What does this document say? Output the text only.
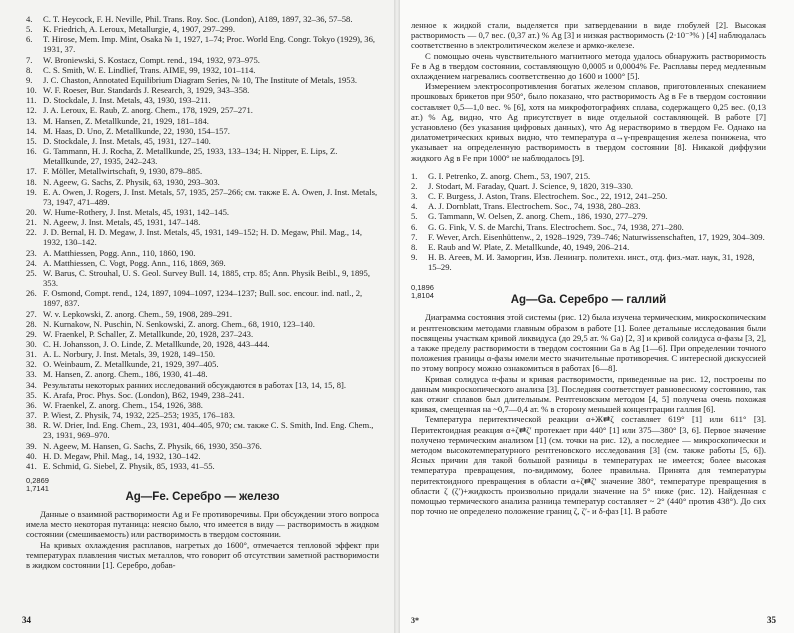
4. C. T. Heycock, F. H. Neville, Phil. Trans. Roy. Soc. (London), A189, 1897, 32–36, 57–58.
5. K. Friedrich, A. Leroux, Metallurgie, 4, 1907, 297–299.
6. T. Hirose, Mem. Imp. Mint, Osaka № 1, 1927, 1–74; Proc. World Eng. Congr. Tokyo (1929), 36, 1931, 37.
7. W. Broniewski, S. Kostacz, Compt. rend., 194, 1932, 973–975.
8. C. S. Smith, W. E. Lindlief, Trans. AIME, 99, 1932, 101–114.
9. J. C. Chaston, Annotated Equilibrium Diagram Series, № 10, The Institute of Metals, 1953.
10. W. F. Roeser, Bur. Standards J. Research, 3, 1929, 343–358.
11. D. Stockdale, J. Inst. Metals, 43, 1930, 193–211.
12. J. A. Leroux, E. Raub, Z. anorg. Chem., 178, 1929, 257–271.
13. M. Hansen, Z. Metallkunde, 21, 1929, 181–184.
14. M. Haas, D. Uno, Z. Metallkunde, 22, 1930, 154–157.
15. D. Stockdale, J. Inst. Metals, 45, 1931, 127–140.
16. G. Tammann, H. J. Rocha, Z. Metallkunde, 25, 1933, 133–134; H. Nipper, E. Lips, Z. Metallkunde, 27, 1935, 242–243.
17. F. Möller, Metallwirtschaft, 9, 1930, 879–885.
18. N. Ageew, G. Sachs, Z. Physik, 63, 1930, 293–303.
19. E. A. Owen, J. Rogers, J. Inst. Metals, 57, 1935, 257–266; см. также E. A. Owen, J. Inst. Metals, 73, 1947, 471–489.
20. W. Hume-Rothery, J. Inst. Metals, 45, 1931, 142–145.
21. N. Ageew, J. Inst. Metals, 45, 1931, 147–148.
22. J. D. Bernal, H. D. Megaw, J. Inst. Metals, 45, 1931, 149–152; H. D. Megaw, Phil. Mag., 14, 1932, 130–142.
23. A. Matthiessen, Pogg. Ann., 110, 1860, 190.
24. A. Matthiessen, C. Vogt, Pogg. Ann., 116, 1869, 369.
25. W. Barus, C. Strouhal, U. S. Geol. Survey Bull. 14, 1885, стр. 85; Ann. Physik Beibl., 9, 1895, 353.
26. F. Osmond, Compt. rend., 124, 1897, 1094–1097, 1234–1237; Bull. soc. encour. ind. natl., 2, 1897, 837.
27. W. v. Lepkowski, Z. anorg. Chem., 59, 1908, 289–291.
28. N. Kurnakow, N. Puschin, N. Senkowski, Z. anorg. Chem., 68, 1910, 123–140.
29. W. Fraenkel, P. Schaller, Z. Metallkunde, 20, 1928, 237–243.
30. C. H. Johansson, J. O. Linde, Z. Metallkunde, 20, 1928, 443–444.
31. A. L. Norbury, J. Inst. Metals, 39, 1928, 149–150.
32. O. Weinbaum, Z. Metallkunde, 21, 1929, 397–405.
33. M. Hansen, Z. anorg. Chem., 186, 1930, 41–48.
34. Результаты некоторых ранних исследований обсуждаются в работах [13, 14, 15, 8].
35. K. Arafa, Proc. Phys. Soc. (London), B62, 1949, 238–241.
36. W. Fraenkel, Z. anorg. Chem., 154, 1926, 388.
37. P. Wiest, Z. Physik, 74, 1932, 225–253; 1935, 176–183.
38. R. W. Drier, Ind. Eng. Chem., 23, 1931, 404–405, 970; см. также C. S. Smith, Ind. Eng. Chem., 23, 1931, 969–970.
39. N. Ageew, M. Hansen, G. Sachs, Z. Physik, 66, 1930, 350–376.
40. H. D. Megaw, Phil. Mag., 14, 1932, 130–142.
41. E. Schmid, G. Siebel, Z. Physik, 85, 1933, 41–55.
0,2869
1,7141
Ag—Fe. Серебро — железо

Данные о взаимной растворимости Ag и Fe противоречивы. При обсуждении этого вопроса имела место некоторая путаница: неясно было, что имеется в виду — растворимость в жидком состоянии (смешиваемость) или растворимость в твердом состоянии.

На кривых охлаждения расплавов, нагретых до 1600°, отмечается тепловой эффект при температурах плавления чистых металлов, что говорит об отсутствии заметной растворимости в жидком состоянии [1]. Серебро, добав-

34

ленное к жидкой стали, выделяется при затвердевании в виде глобулей [2]. Высокая растворимость — 0,7 вес. (0,37 ат.) % Ag [3] и низкая растворимость (2·10⁻³% ) [4] наблюдалась соответственно в электролитическом железе и армко-железе.

С помощью очень чувствительного магнитного метода удалось обнаружить растворимость Fe в Ag в твердом состоянии, составляющую 0,0005 и 0,0004% Fe. Расплавы перед медленным охлаждением нагревались соответственно до 1600 и 1000° [5].

Измерением электросопротивления богатых железом сплавов, приготовленных спеканием прошковых брикетов при 950°, было показано, что растворимость Ag в Fe в твердом состоянии составляет 0,5—1,0 вес. % [6], хотя на микрофотографиях сплава, содержащего 0,25 вес. (0,13 ат.) % Ag, видно, что Ag присутствует в виде отдельной составляющей. В работе [7] установлено (без указания цифровых данных), что Ag нерастворимо в твердом Fe. Однако на дилатометрических кривых видно, что температура α→γ-превращения железа понижена, что указывает на определенную растворимость в твердом состоянии [8]. Никакой диффузии жидкого Ag в Fe при 1000° не наблюдалось [9].

1. G. I. Petrenko, Z. anorg. Chem., 53, 1907, 215.
2. J. Stodart, M. Faraday, Quart. J. Science, 9, 1820, 319–330.
3. C. F. Burgess, J. Aston, Trans. Electrochem. Soc., 22, 1912, 241–250.
4. A. J. Dornblatt, Trans. Electrochem. Soc., 74, 1938, 280–283.
5. G. Tammann, W. Oelsen, Z. anorg. Chem., 186, 1930, 277–279.
6. G. G. Fink, V. S. de Marchi, Trans. Electrochem. Soc., 74, 1938, 271–280.
7. F. Wever, Arch. Eisenhüttenw., 2, 1928–1929, 739–746; Naturwissenschaften, 17, 1929, 304–309.
8. E. Raub and W. Plate, Z. Metallkunde, 40, 1949, 206–214.
9. Н. В. Агеев, М. И. Заморгин, Изв. Ленингр. политехн. инст., отд. физ.-мат. наук, 31, 1928, 15–29.
0,1896
1,8104	Ag—Ga. Серебро — галлий

Диаграмма состояния этой системы (рис. 12) была изучена термическим, микроскопическим и рентгеновским методами главным образом в работе [1]. Более детальные исследования были посвящены участкам кривой ликвидуса (до 29,5 ат. % Ga) [2, 3] и кривой солидуса α-фазы [3, 2], а также пределу растворимости в твердом состоянии Ga в Ag [1—6]. При определении точного положения границы α-фазы имели место значительные противоречия. С интересной дискуссией по этому вопросу можно ознакомиться в работах [6—8].

Кривая солидуса α-фазы и кривая растворимости, приведенные на рис. 12, построены по данным микроскопического анализа [3]. Последняя соответствует равновесному состоянию, так как отжиг сплавов был длительным. Рентгеновским методом [4, 5] получена очень похожая кривая, смещенная на ~0,7—0,4 ат. % в сторону меньшей концентрации галлия [6].

Температура перитектической реакции α+Ж⇄ζ составляет 619° [1] или 611° [3]. Перитектоидная реакция α+ζ⇄ζ′ протекает при 440° [1] или 375—380° [3, 6]. Первое значение получено термическим анализом [1] (см. точки на рис. 12), а последнее — микроскопически и методом высокотемпературного рентгеновского исследования [3] (см. также работы [5, 6]). Ясных причин для такой большой разницы в температурах не имеется; более высокая температура превращения, по-видимому, более правильна. Принята для температуры перитектоидного превращения в области α+ζ⇄ζ′ значение 380°, температуре превращения в области ζ (ζ′)+жидкость произвольно придали значение на 5° ниже (рис. 12). Найденная с помощью термического анализа разница температур составляет ~ 2° (440° против 438°). До сих пор точно не определено положение границ ζ, ζ′- и δ-фаз [1]. В работе

3*	35
